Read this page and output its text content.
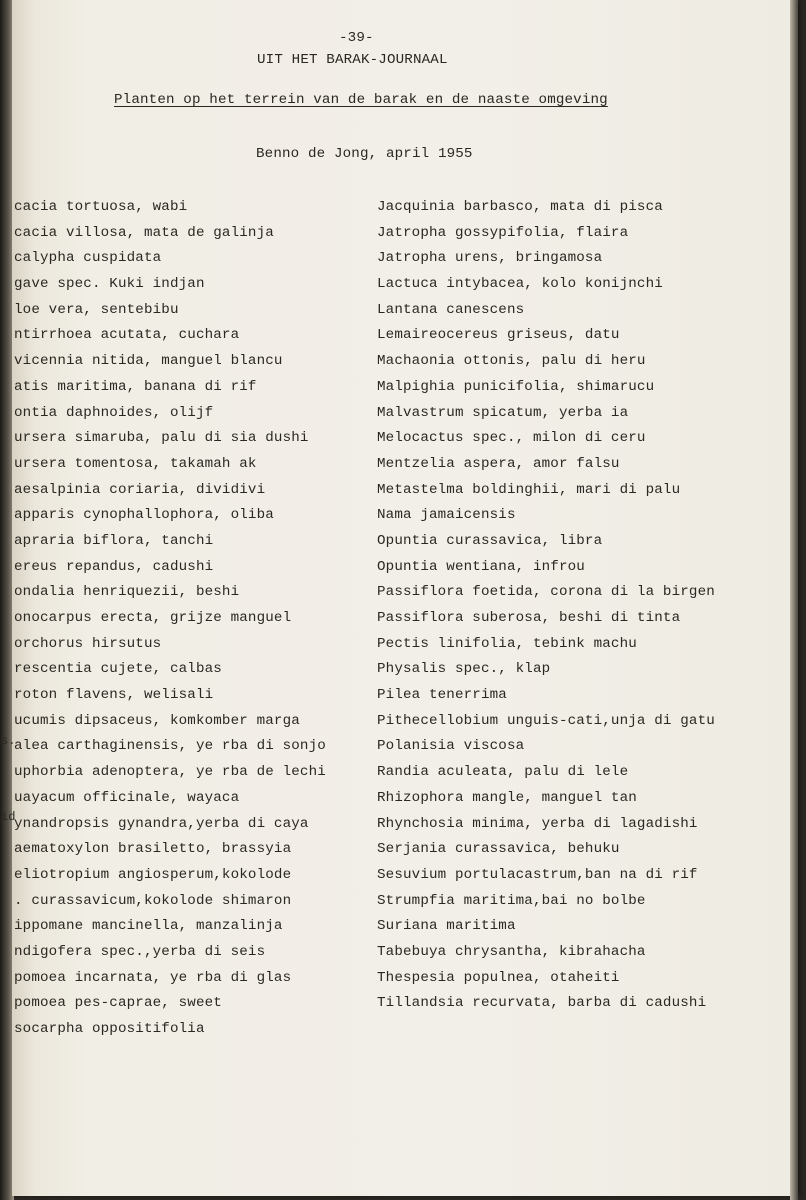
-39-
UIT HET BARAK-JOURNAAL
Planten op het terrein van de barak en de naaste omgeving
Benno de Jong, april 1955
s.
id
cacia tortuosa, wabi
cacia villosa, mata de galinja
calypha cuspidata
gave spec. Kuki indjan
loe vera, sentebibu
ntirrhoea acutata, cuchara
vicennia nitida, manguel blancu
atis maritima, banana di rif
ontia daphnoides, olijf
ursera simaruba, palu di sia dushi
ursera tomentosa, takamah ak
aesalpinia coriaria, dividivi
apparis cynophallophora, oliba
apraria biflora, tanchi
ereus repandus, cadushi
ondalia henriquezii, beshi
onocarpus erecta, grijze manguel
orchorus hirsutus
rescentia cujete, calbas
roton flavens, welisali
ucumis dipsaceus, komkomber marga
alea carthaginensis, ye rba di sonjo
uphorbia adenoptera, ye rba de lechi
uayacum officinale, wayaca
ynandropsis gynandra,yerba di caya
aematoxylon brasiletto, brassyia
eliotropium angiosperum,kokolode
. curassavicum,kokolode shimaron
ippomane mancinella, manzalinja
ndigofera spec.,yerba di seis
pomoea incarnata, ye rba di glas
pomoea pes-caprae, sweet
socarpha oppositifolia
Jacquinia barbasco, mata di pisca
Jatropha gossypifolia, flaira
Jatropha urens, bringamosa
Lactuca intybacea, kolo konijnchi
Lantana canescens
Lemaireocereus griseus, datu
Machaonia ottonis, palu di heru
Malpighia punicifolia, shimarucu
Malvastrum spicatum, yerba ia
Melocactus spec., milon di ceru
Mentzelia aspera, amor falsu
Metastelma boldinghii, mari di palu
Nama jamaicensis
Opuntia curassavica, libra
Opuntia wentiana, infrou
Passiflora foetida, corona di la birgen
Passiflora suberosa, beshi di tinta
Pectis linifolia, tebink machu
Physalis spec., klap
Pilea tenerrima
Pithecellobium unguis-cati,unja di gatu
Polanisia viscosa
Randia aculeata, palu di lele
Rhizophora mangle, manguel tan
Rhynchosia minima, yerba di lagadishi
Serjania curassavica, behuku
Sesuvium portulacastrum,ban na di rif
Strumpfia maritima,bai no bolbe
Suriana maritima
Tabebuya chrysantha, kibrahacha
Thespesia populnea, otaheiti
Tillandsia recurvata, barba di cadushi
